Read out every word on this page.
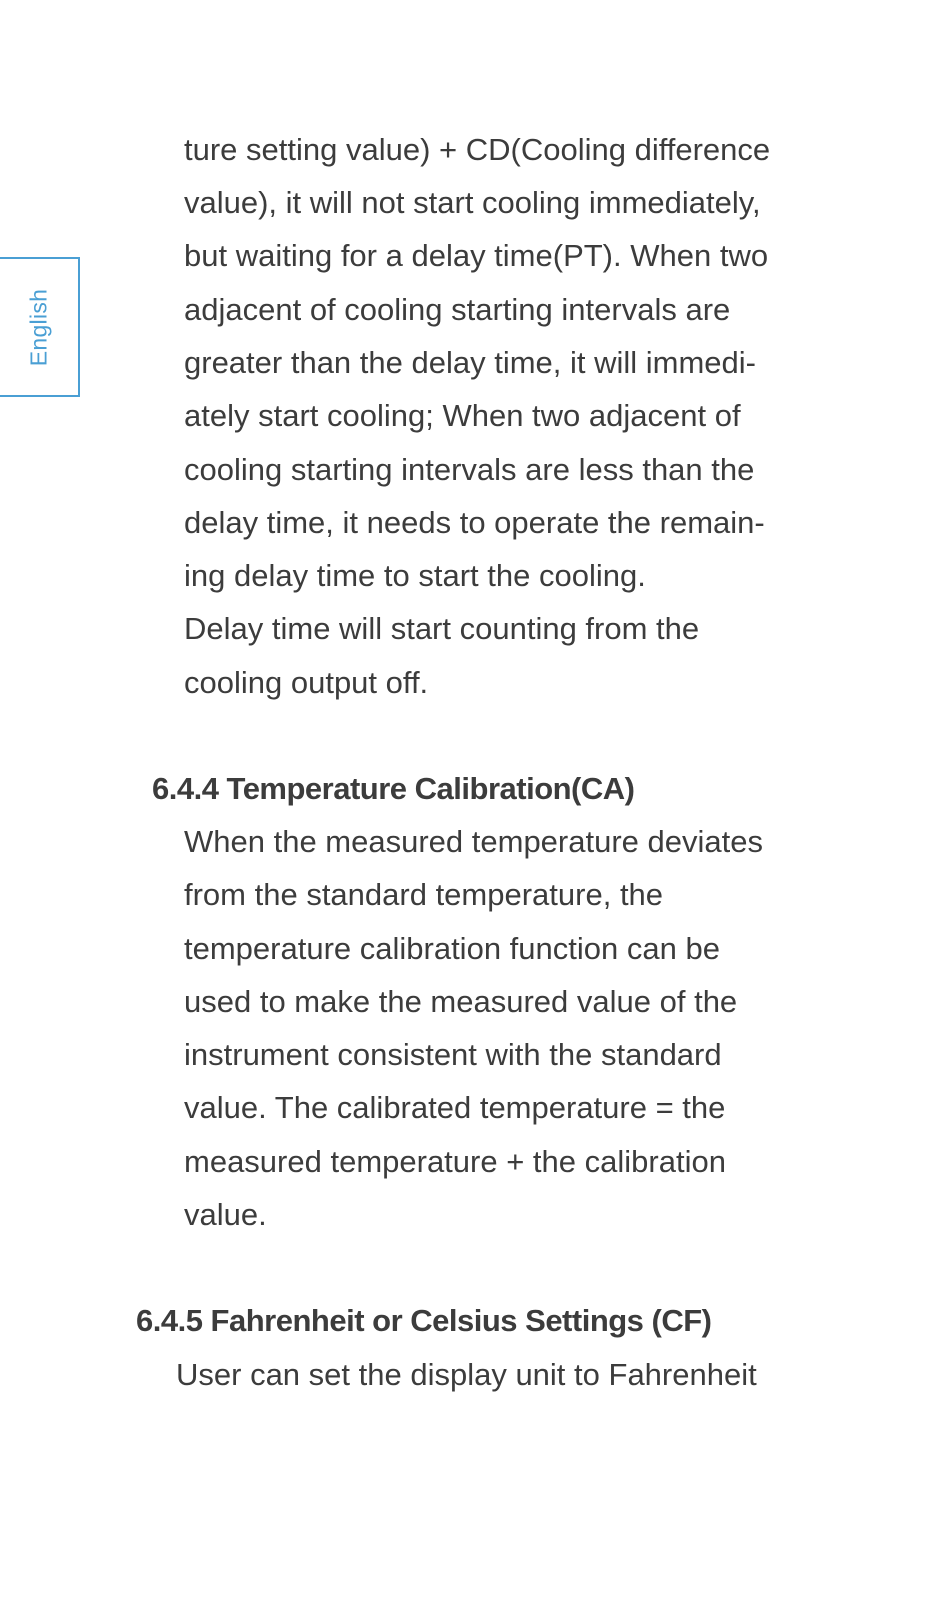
English
ture setting value) + CD(Cooling difference
value), it will not start cooling immediately,
but waiting for a delay time(PT). When two
adjacent of cooling starting intervals are
greater than the delay time, it will immedi-
ately start cooling; When two adjacent of
cooling starting intervals are less than the
delay time, it needs to operate the remain-
ing delay time to start the cooling.
Delay time will start counting from the
cooling output off.
6.4.4 Temperature Calibration(CA)
When the measured temperature deviates
from the standard temperature, the
temperature calibration function can be
used to make the measured value of the
instrument consistent with the standard
value. The calibrated temperature = the
measured temperature + the calibration
value.
6.4.5 Fahrenheit or Celsius Settings (CF)
User can set the display unit to Fahrenheit
